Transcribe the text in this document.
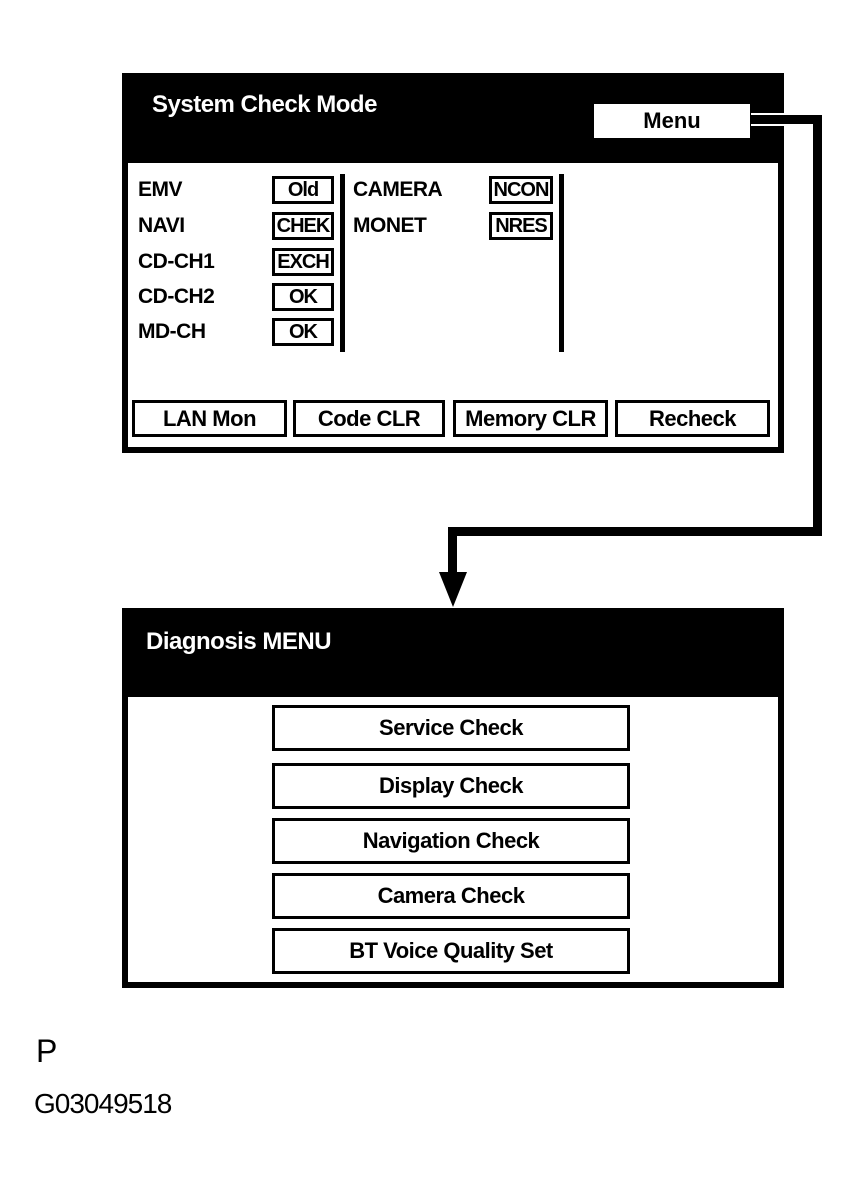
System Check Mode
Menu
EMV	Old
NAVI	CHEK
CD-CH1	EXCH
CD-CH2	OK
MD-CH	OK
CAMERA	NCON
MONET	NRES
LAN Mon	Code CLR	Memory CLR	Recheck
Diagnosis MENU
Service Check
Display Check
Navigation Check
Camera Check
BT Voice Quality Set
P
G03049518
